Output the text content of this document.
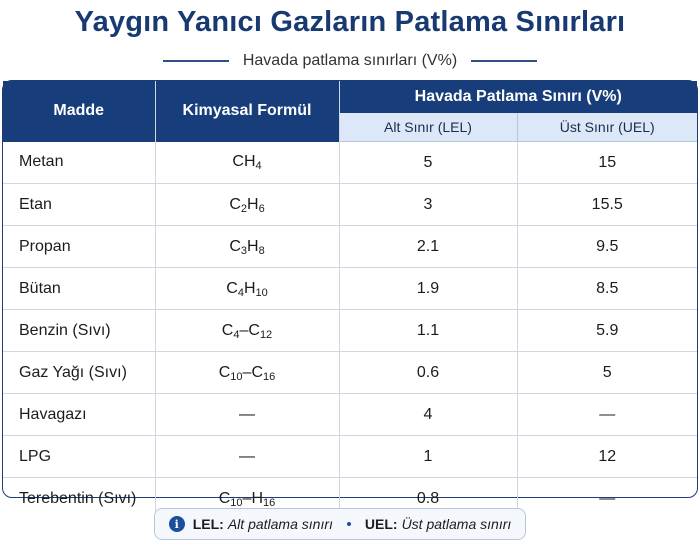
Yaygın Yanıcı Gazların Patlama Sınırları
Havada patlama sınırları (V%)
Madde	Kimyasal Formül	Havada Patlama Sınırı (V%)	
		Alt Sınır (LEL)	Üst Sınır (UEL)
Metan	$CH_4$	5	15
Etan	$C_2H_6$	3	15.5
Propan	$C_3H_8$	2.1	9.5
Bütan	$C_4H_{10}$	1.9	8.5
Benzin (Sıvı)	$C_4-C_{12}$	1.1	5.9
Gaz Yağı (Sıvı)	$C_{10}-C_{16}$	0.6	5
Havagazı	—	4	—
LPG	—	1	12
Terebentin (Sıvı)	$C_{10}-H_{16}$	0.8	—
i LEL: Alt patlama sınırı UEL: Üst patlama sınırı
